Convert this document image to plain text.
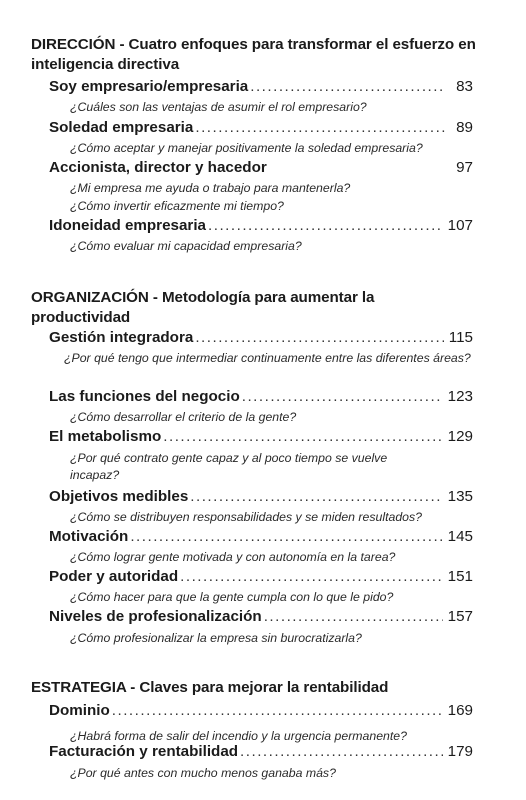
DIRECCIÓN - Cuatro enfoques para transformar el esfuerzo en inteligencia directiva
Soy empresario/empresaria .....	83
¿Cuáles son las ventajas de asumir el rol empresario?
Soledad empresaria .....	89
¿Cómo aceptar y manejar positivamente la soledad empresaria?
Accionista, director y hacedor	97
¿Mi empresa me ayuda o trabajo para mantenerla?
¿Cómo invertir eficazmente mi tiempo?
Idoneidad empresaria .....	107
¿Cómo evaluar mi capacidad empresaria?
ORGANIZACIÓN - Metodología para aumentar la productividad
Gestión integradora .....	115
¿Por qué tengo que intermediar continuamente entre las diferentes áreas?
Las funciones del negocio .....	123
¿Cómo desarrollar el criterio de la gente?
El metabolismo .....	129
¿Por qué contrato gente capaz y al poco tiempo se vuelve incapaz?
Objetivos medibles .....	135
¿Cómo se distribuyen responsabilidades y se miden resultados?
Motivación .....	145
¿Cómo lograr gente motivada y con autonomía en la tarea?
Poder y autoridad .....	151
¿Cómo hacer para que la gente cumpla con lo que le pido?
Niveles de profesionalización .....	157
¿Cómo profesionalizar la empresa sin burocratizarla?
ESTRATEGIA - Claves para mejorar la rentabilidad
Dominio .....	169
¿Habrá forma de salir del incendio y la urgencia permanente?
Facturación y rentabilidad .....	179
¿Por qué antes con mucho menos ganaba más?
